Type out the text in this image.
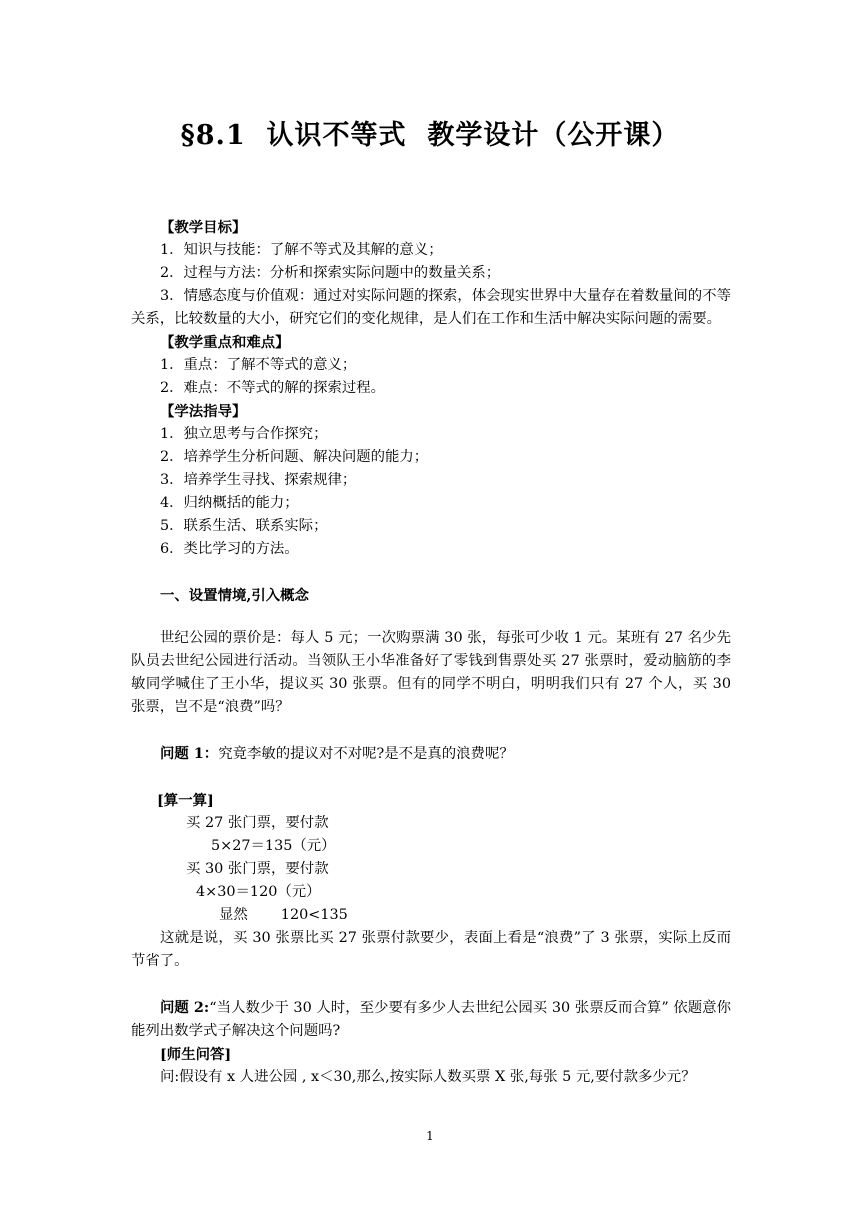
§8.1  认识不等式  教学设计（公开课）

【教学目标】

1．知识与技能：了解不等式及其解的意义；

2．过程与方法：分析和探索实际问题中的数量关系；

3．情感态度与价值观：通过对实际问题的探索，体会现实世界中大量存在着数量间的不等关系，比较数量的大小，研究它们的变化规律，是人们在工作和生活中解决实际问题的需要。

【教学重点和难点】

1．重点：了解不等式的意义；

2．难点：不等式的解的探索过程。

【学法指导】

1．独立思考与合作探究；

2．培养学生分析问题、解决问题的能力；

3．培养学生寻找、探索规律；

4．归纳概括的能力；

5．联系生活、联系实际；

6．类比学习的方法。

一、设置情境,引入概念

世纪公园的票价是：每人 5 元；一次购票满 30 张，每张可少收 1 元。某班有 27 名少先队员去世纪公园进行活动。当领队王小华准备好了零钱到售票处买 27 张票时，爱动脑筋的李敏同学喊住了王小华，提议买 30 张票。但有的同学不明白，明明我们只有 27 个人，买 30 张票，岂不是“浪费”吗？

问题 1：究竟李敏的提议对不对呢?是不是真的浪费呢？

[算一算]

买 27 张门票，要付款

5×27＝135（元）

买 30 张门票，要付款

4×30＝120（元）

显然 120<135

这就是说，买 30 张票比买 27 张票付款要少，表面上看是“浪费”了 3 张票，实际上反而节省了。

问题 2:“当人数少于 30 人时，至少要有多少人去世纪公园买 30 张票反而合算” 依题意你能列出数学式子解决这个问题吗?

[师生问答]

问:假设有 x 人进公园 , x＜30,那么,按实际人数买票 X 张,每张 5 元,要付款多少元？

1
